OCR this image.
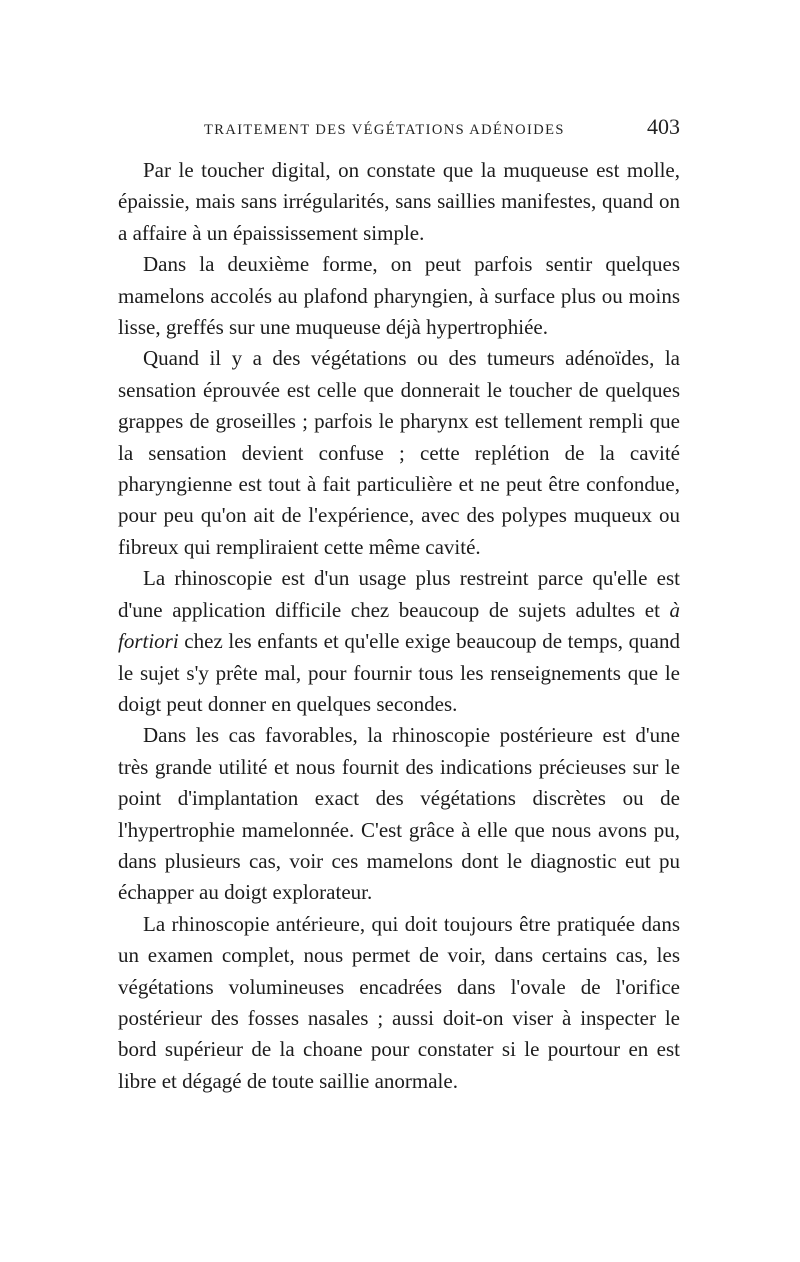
TRAITEMENT DES VÉGÉTATIONS ADÉNOIDES	403

Par le toucher digital, on constate que la muqueuse est molle, épaissie, mais sans irrégularités, sans saillies manifestes, quand on a affaire à un épaississement simple.

Dans la deuxième forme, on peut parfois sentir quelques mamelons accolés au plafond pharyngien, à surface plus ou moins lisse, greffés sur une muqueuse déjà hypertrophiée.

Quand il y a des végétations ou des tumeurs adénoïdes, la sensation éprouvée est celle que donnerait le toucher de quelques grappes de groseilles ; parfois le pharynx est tellement rempli que la sensation devient confuse ; cette replétion de la cavité pharyngienne est tout à fait particulière et ne peut être confondue, pour peu qu'on ait de l'expérience, avec des polypes muqueux ou fibreux qui rempliraient cette même cavité.

La rhinoscopie est d'un usage plus restreint parce qu'elle est d'une application difficile chez beaucoup de sujets adultes et à fortiori chez les enfants et qu'elle exige beaucoup de temps, quand le sujet s'y prête mal, pour fournir tous les renseignements que le doigt peut donner en quelques secondes.

Dans les cas favorables, la rhinoscopie postérieure est d'une très grande utilité et nous fournit des indications précieuses sur le point d'implantation exact des végétations discrètes ou de l'hypertrophie mamelonnée. C'est grâce à elle que nous avons pu, dans plusieurs cas, voir ces mamelons dont le diagnostic eut pu échapper au doigt explorateur.

La rhinoscopie antérieure, qui doit toujours être pratiquée dans un examen complet, nous permet de voir, dans certains cas, les végétations volumineuses encadrées dans l'ovale de l'orifice postérieur des fosses nasales ; aussi doit-on viser à inspecter le bord supérieur de la choane pour constater si le pourtour en est libre et dégagé de toute saillie anormale.
